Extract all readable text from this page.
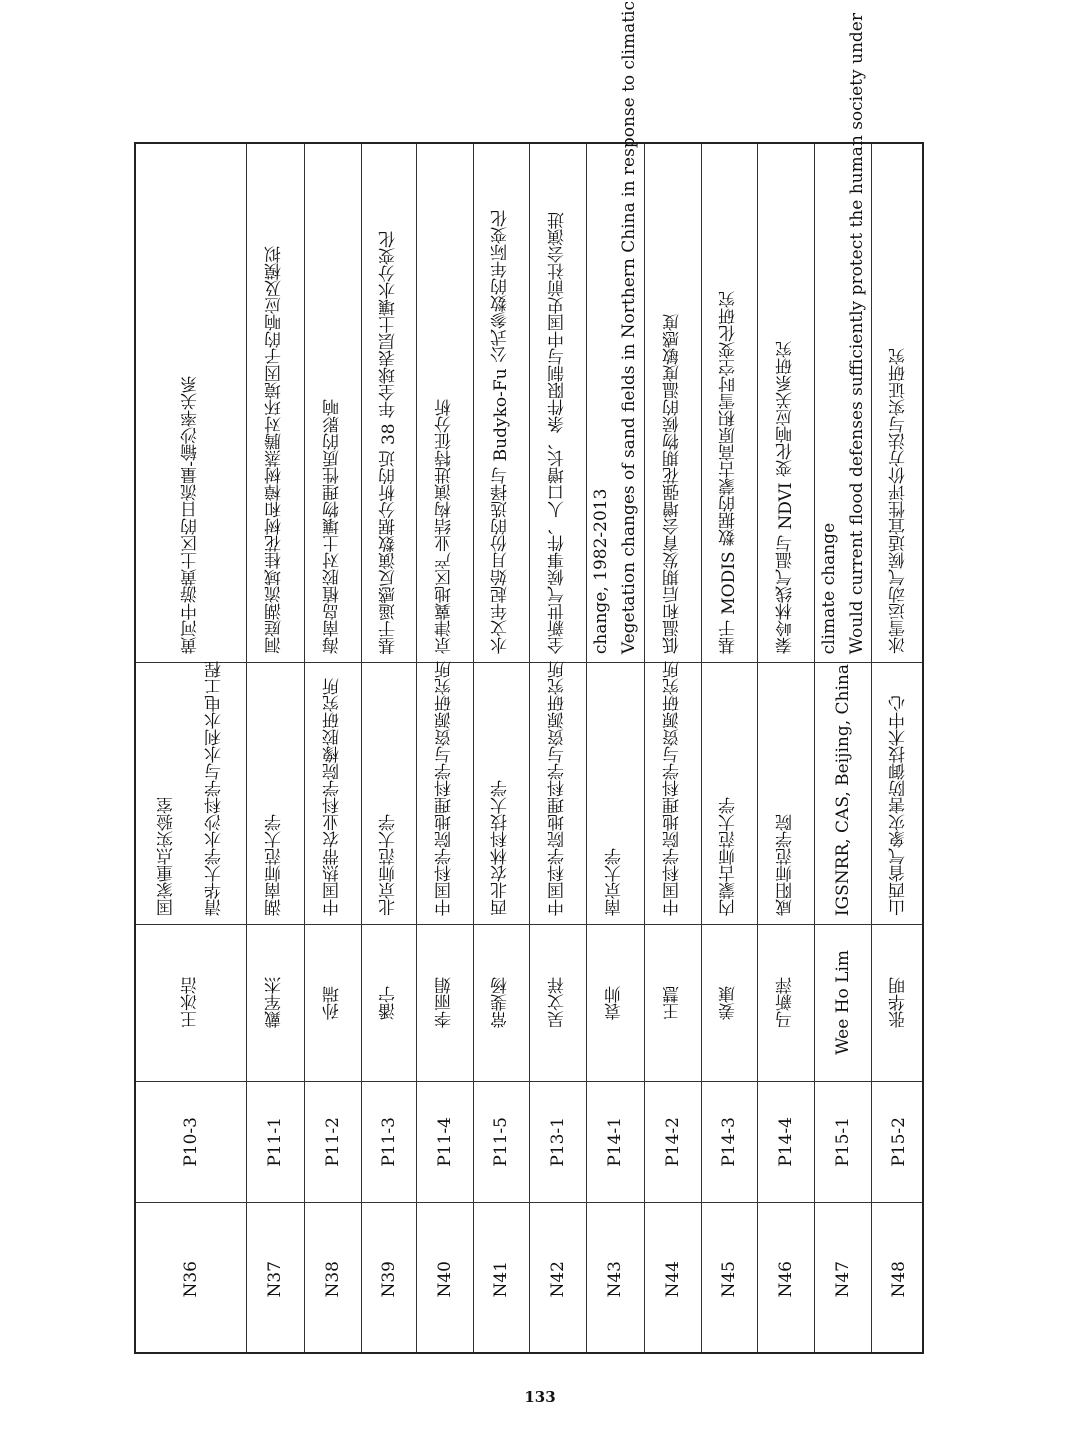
N36
P10-3
王冰洁
清华大学水沙科学与水利水电工程
国家重点实验室
黄河中游黄土区的日流量-输沙率关系
N37
P11-1
戴军杰
湖南师范大学
洞庭湖流域桂花树和樟树蒸腾对环境因子的响应及模拟
N38
P11-2
孙瑞
中国热带农业科学院橡胶研究所
海南岛植胶对土壤物理性质的影响
N39
P11-3
潘宁
北京师范大学
基于遥感反演数据分析的近 38 年全球表层土壤水分变化
N40
P11-4
李丽娟
中国科学院地理科学与资源研究所
京津冀地区产业结构演进特征分析
N41
P11-5
常斐杨
西北农林科技大学
水文年起始月份的选择与 Budyko-Fu 公式参数的年际变化
N42
P13-1
吴文祥
中国科学院地理科学与资源研究所
全新世气候事件、人口增长、条件限制与中国史前社会演进
N43
P14-1
袁帅
南京大学
Vegetation changes of sand fields in Northern China in response to climatic
change, 1982-2013
N44
P14-2
王慧
中国科学院地理科学与资源研究所
低温和后期发育会增强花期物候的温度敏感度
N45
P14-3
姜康
内蒙古师范大学
基于 MODIS 数据的蒙古高原积雪时空变化研究
N46
P14-4
马新萍
咸阳师范学院
秦岭林线气温与 NDVI 变化响应关系研究
N47
P15-1
Wee Ho Lim
IGSNRR, CAS, Beijing, China
Would current flood defenses sufficiently protect the human society under
climate change
N48
P15-2
张华明
山西省气象灾害防御技术中心
冰雪运动气候适宜性评价方法与实证研究
133
